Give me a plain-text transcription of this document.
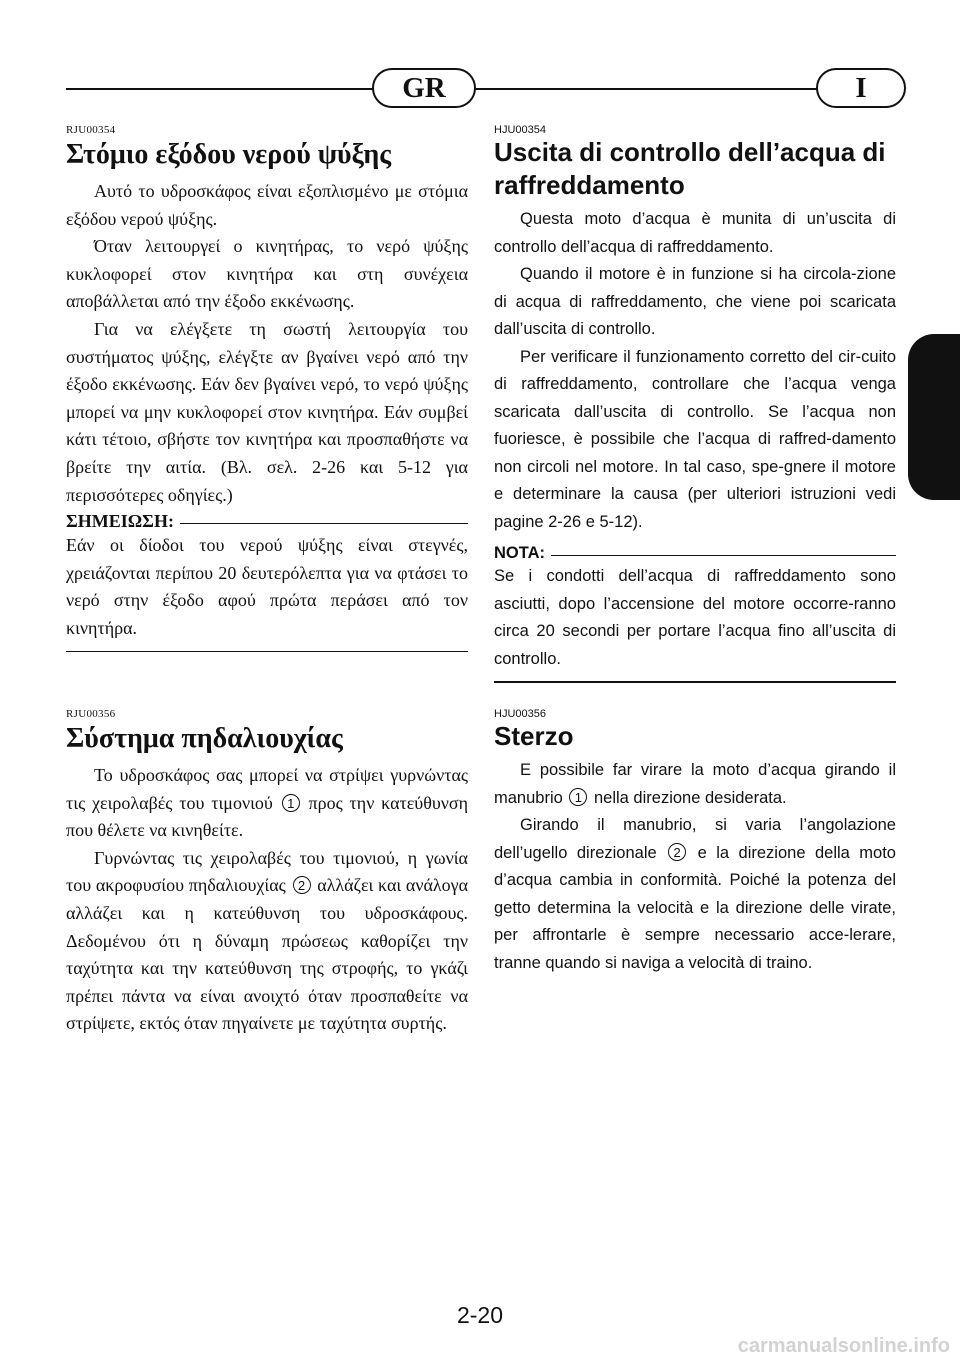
GR	I

RJU00354

Στόμιο εξόδου νερού ψύξης

Αυτό το υδροσκάφος είναι εξοπλισμένο με στόμια εξόδου νερού ψύξης.

Όταν λειτουργεί ο κινητήρας, το νερό ψύξης κυκλοφορεί στον κινητήρα και στη συνέχεια αποβάλλεται από την έξοδο εκκένωσης.

Για να ελέγξετε τη σωστή λειτουργία του συστήματος ψύξης, ελέγξτε αν βγαίνει νερό από την έξοδο εκκένωσης. Εάν δεν βγαίνει νερό, το νερό ψύξης μπορεί να μην κυκλοφορεί στον κινητήρα. Εάν συμβεί κάτι τέτοιο, σβήστε τον κινητήρα και προσπαθήστε να βρείτε την αιτία. (Βλ. σελ. 2-26 και 5-12 για περισσότερες οδηγίες.)

ΣΗΜΕΙΩΣΗ:

Εάν οι δίοδοι του νερού ψύξης είναι στεγνές, χρειάζονται περίπου 20 δευτερόλεπτα για να φτάσει το νερό στην έξοδο αφού πρώτα περάσει από τον κινητήρα.

HJU00354

Uscita di controllo dell’acqua di raffreddamento

Questa moto d’acqua è munita di un’uscita di controllo dell’acqua di raffreddamento.

Quando il motore è in funzione si ha circola-zione di acqua di raffreddamento, che viene poi scaricata dall’uscita di controllo.

Per verificare il funzionamento corretto del cir-cuito di raffreddamento, controllare che l’acqua venga scaricata dall’uscita di controllo. Se l’acqua non fuoriesce, è possibile che l’acqua di raffred-damento non circoli nel motore. In tal caso, spe-gnere il motore e determinare la causa (per ulteriori istruzioni vedi pagine 2-26 e 5-12).

NOTA:

Se i condotti dell’acqua di raffreddamento sono asciutti, dopo l’accensione del motore occorre-ranno circa 20 secondi per portare l’acqua fino all’uscita di controllo.

RJU00356

Σύστημα πηδαλιουχίας

Το υδροσκάφος σας μπορεί να στρίψει γυρνώντας τις χειρολαβές του τιμονιού 1 προς την κατεύθυνση που θέλετε να κινηθείτε.

Γυρνώντας τις χειρολαβές του τιμονιού, η γωνία του ακροφυσίου πηδαλιουχίας 2 αλλάζει και ανάλογα αλλάζει και η κατεύθυνση του υδροσκάφους. Δεδομένου ότι η δύναμη πρώσεως καθορίζει την ταχύτητα και την κατεύθυνση της στροφής, το γκάζι πρέπει πάντα να είναι ανοιχτό όταν προσπαθείτε να στρίψετε, εκτός όταν πηγαίνετε με ταχύτητα συρτής.

HJU00356

Sterzo

E possibile far virare la moto d’acqua girando il manubrio 1 nella direzione desiderata.

Girando il manubrio, si varia l’angolazione dell’ugello direzionale 2 e la direzione della moto d’acqua cambia in conformità. Poiché la potenza del getto determina la velocità e la direzione delle virate, per affrontarle è sempre necessario acce-lerare, tranne quando si naviga a velocità di traino.

2-20
carmanualsonline.info
